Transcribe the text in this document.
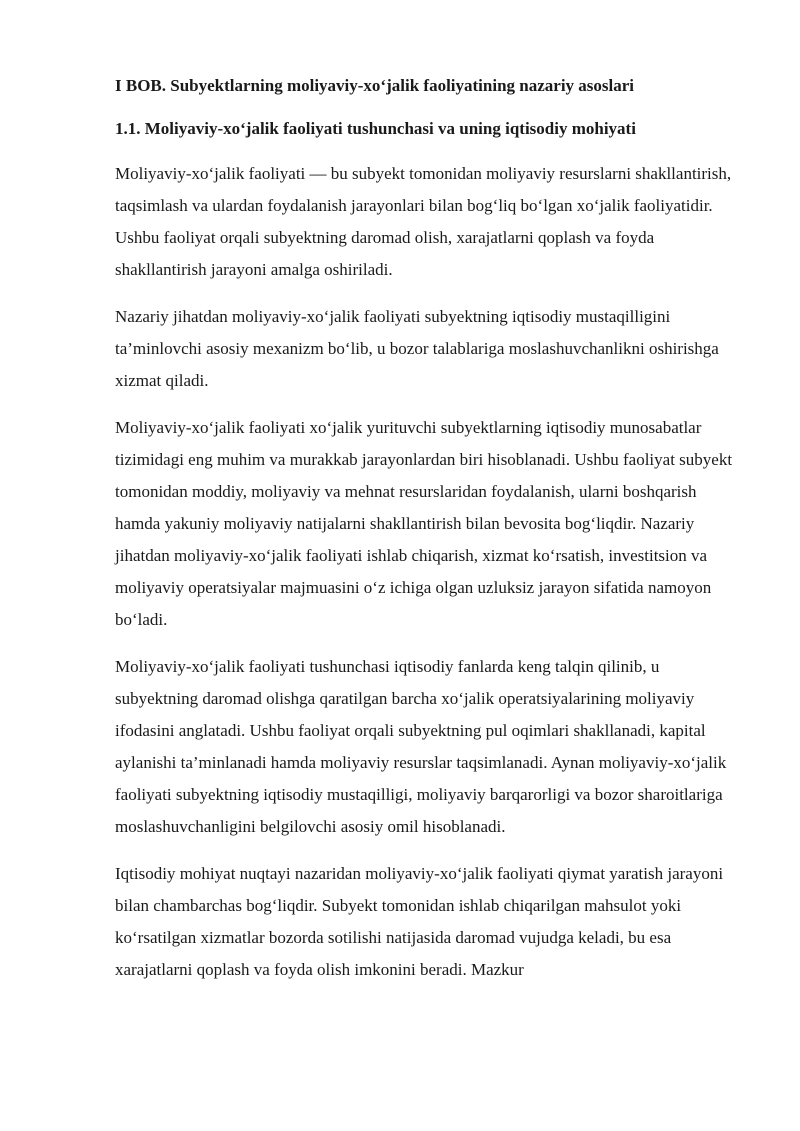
I BOB. Subyektlarning moliyaviy-xo‘jalik faoliyatining nazariy asoslari
1.1. Moliyaviy-xo‘jalik faoliyati tushunchasi va uning iqtisodiy mohiyati

Moliyaviy-xo‘jalik faoliyati — bu subyekt tomonidan moliyaviy resurslarni shakllantirish, taqsimlash va ulardan foydalanish jarayonlari bilan bog‘liq bo‘lgan xo‘jalik faoliyatidir. Ushbu faoliyat orqali subyektning daromad olish, xarajatlarni qoplash va foyda shakllantirish jarayoni amalga oshiriladi.

Nazariy jihatdan moliyaviy-xo‘jalik faoliyati subyektning iqtisodiy mustaqilligini ta’minlovchi asosiy mexanizm bo‘lib, u bozor talablariga moslashuvchanlikni oshirishga xizmat qiladi.

Moliyaviy-xo‘jalik faoliyati xo‘jalik yurituvchi subyektlarning iqtisodiy munosabatlar tizimidagi eng muhim va murakkab jarayonlardan biri hisoblanadi. Ushbu faoliyat subyekt tomonidan moddiy, moliyaviy va mehnat resurslaridan foydalanish, ularni boshqarish hamda yakuniy moliyaviy natijalarni shakllantirish bilan bevosita bog‘liqdir. Nazariy jihatdan moliyaviy-xo‘jalik faoliyati ishlab chiqarish, xizmat ko‘rsatish, investitsion va moliyaviy operatsiyalar majmuasini o‘z ichiga olgan uzluksiz jarayon sifatida namoyon bo‘ladi.

Moliyaviy-xo‘jalik faoliyati tushunchasi iqtisodiy fanlarda keng talqin qilinib, u subyektning daromad olishga qaratilgan barcha xo‘jalik operatsiyalarining moliyaviy ifodasini anglatadi. Ushbu faoliyat orqali subyektning pul oqimlari shakllanadi, kapital aylanishi ta’minlanadi hamda moliyaviy resurslar taqsimlanadi. Aynan moliyaviy-xo‘jalik faoliyati subyektning iqtisodiy mustaqilligi, moliyaviy barqarorligi va bozor sharoitlariga moslashuvchanligini belgilovchi asosiy omil hisoblanadi.

Iqtisodiy mohiyat nuqtayi nazaridan moliyaviy-xo‘jalik faoliyati qiymat yaratish jarayoni bilan chambarchas bog‘liqdir. Subyekt tomonidan ishlab chiqarilgan mahsulot yoki ko‘rsatilgan xizmatlar bozorda sotilishi natijasida daromad vujudga keladi, bu esa xarajatlarni qoplash va foyda olish imkonini beradi. Mazkur
